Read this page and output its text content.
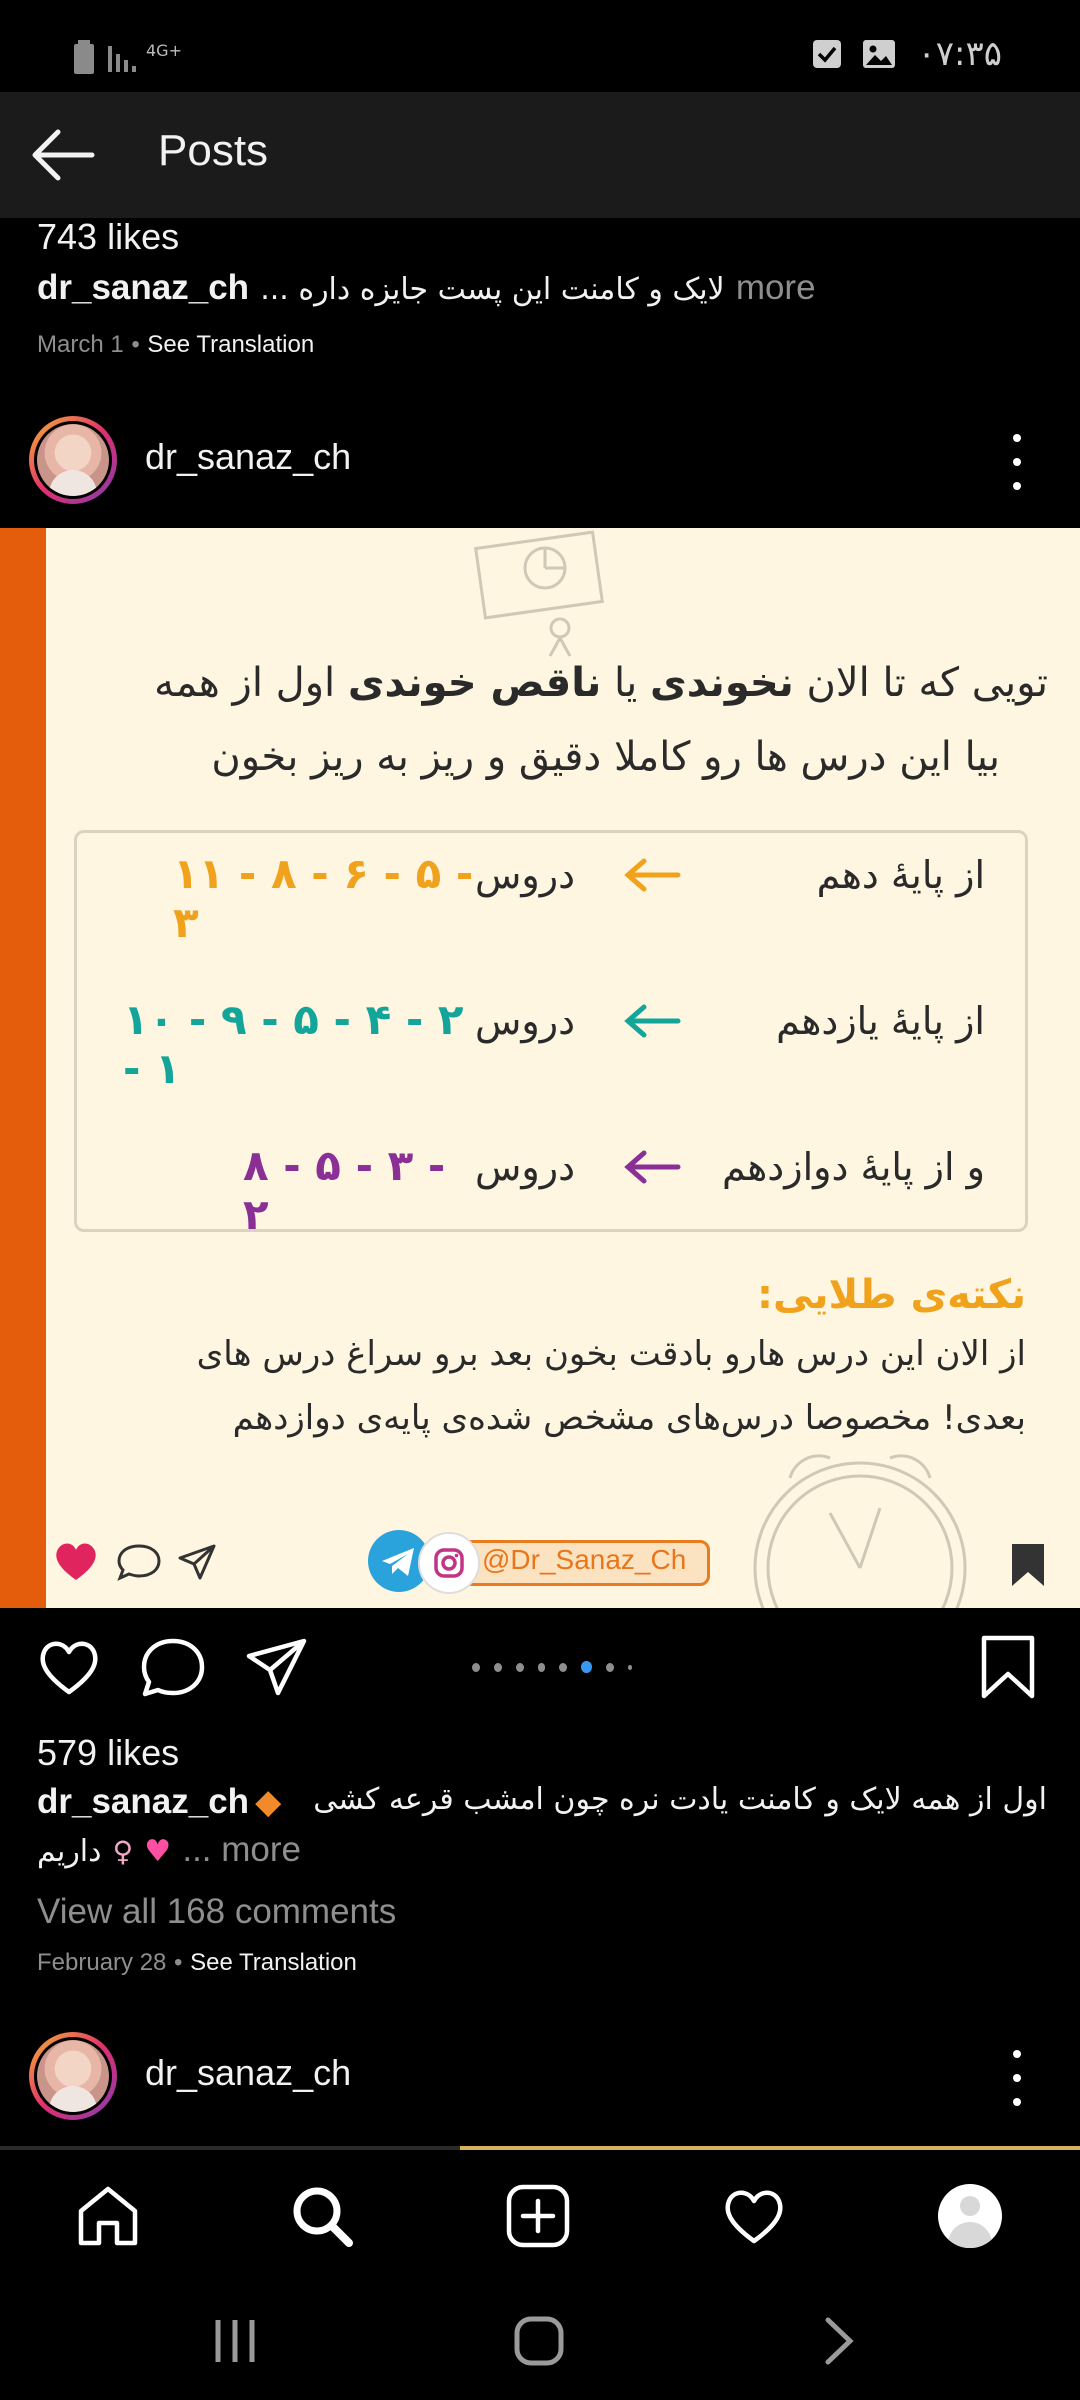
4G+	۰۷:۳۵
Posts
743 likes
dr_sanaz_ch لایک و کامنت این پست جایزه داره ... more
March 1 • See Translation
dr_sanaz_ch
تویی که تا الان نخوندی یا ناقص خوندی اول از همه
بیا این درس ها رو کاملا دقیق و ریز به ریز بخون
از پایهٔ دهم
دروس
۱۱ - ۸ - ۶ - ۵ - ۳
از پایهٔ یازدهم
دروس
۱۰ - ۹ - ۵ - ۴ - ۲ - ۱
و از پایهٔ دوازدهم
دروس
۸ - ۵ - ۳ - ۲
نکته‌ی طلایی:
از الان این درس هارو بادقت بخون بعد برو سراغ درس های
بعدی! مخصوصا درس‌های مشخص شده‌ی پایه‌ی دوازدهم
@Dr_Sanaz_Ch
579 likes
dr_sanaz_ch ◆	اول از همه لایک و کامنت یادت نره چون امشب قرعه کشی
داریم ♀ ♥ ... more
View all 168 comments
February 28 • See Translation
dr_sanaz_ch
